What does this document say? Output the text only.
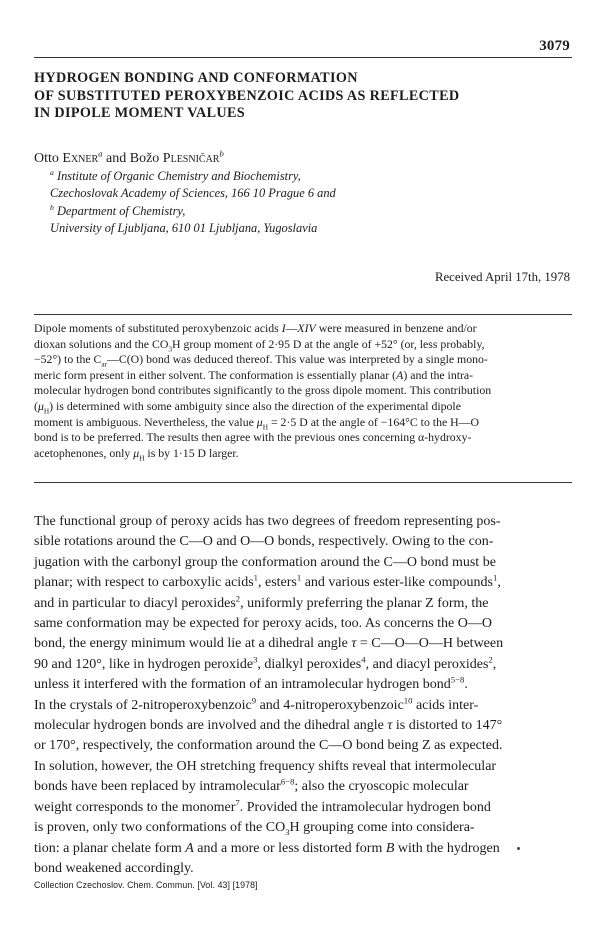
3079
HYDROGEN BONDING AND CONFORMATION
OF SUBSTITUTED PEROXYBENZOIC ACIDS AS REFLECTED
IN DIPOLE MOMENT VALUES
Otto Exner$^a$ and Božo Plesničar$^b$
$^a$ Institute of Organic Chemistry and Biochemistry,
Czechoslovak Academy of Sciences, 166 10 Prague 6 and
$^b$ Department of Chemistry,
University of Ljubljana, 610 01 Ljubljana, Yugoslavia
Received April 17th, 1978
Dipole moments of substituted peroxybenzoic acids I—XIV were measured in benzene and/or
dioxan solutions and the $CO_3H$ group moment of 2·95 D at the angle of +52° (or, less probably,
−52°) to the $C_{ar}—C(O)$ bond was deduced thereof. This value was interpreted by a single mono-
meric form present in either solvent. The conformation is essentially planar (A) and the intra-
molecular hydrogen bond contributes significantly to the gross dipole moment. This contribution
$(\mu_H)$ is determined with some ambiguity since also the direction of the experimental dipole
moment is ambiguous. Nevertheless, the value $\mu_H = 2\cdot 5$ D at the angle of −164°C to the H—O
bond is to be preferred. The results then agree with the previous ones concerning α-hydroxy-
acetophenones, only $\mu_H$ is by 1·15 D larger.
The functional group of peroxy acids has two degrees of freedom representing pos-
sible rotations around the C—O and O—O bonds, respectively. Owing to the con-
jugation with the carbonyl group the conformation around the C—O bond must be
planar; with respect to carboxylic acids$^1$, esters$^1$ and various ester-like compounds$^1$,
and in particular to diacyl peroxides$^2$, uniformly preferring the planar Z form, the
same conformation may be expected for peroxy acids, too. As concerns the O—O
bond, the energy minimum would lie at a dihedral angle τ = C—O—O—H between
90 and 120°, like in hydrogen peroxide$^3$, dialkyl peroxides$^4$, and diacyl peroxides$^2$,
unless it interfered with the formation of an intramolecular hydrogen bond$^{5-8}$.
In the crystals of 2-nitroperoxybenzoic$^9$ and 4-nitroperoxybenzoic$^{10}$ acids inter-
molecular hydrogen bonds are involved and the dihedral angle τ is distorted to 147°
or 170°, respectively, the conformation around the C—O bond being Z as expected.
In solution, however, the OH stretching frequency shifts reveal that intermolecular
bonds have been replaced by intramolecular$^{6-8}$; also the cryoscopic molecular
weight corresponds to the monomer$^7$. Provided the intramolecular hydrogen bond
is proven, only two conformations of the $CO_3H$ grouping come into considera-
tion: a planar chelate form A and a more or less distorted form B with the hydrogen
bond weakened accordingly.
Collection Czechoslov. Chem. Commun. [Vol. 43] [1978]
